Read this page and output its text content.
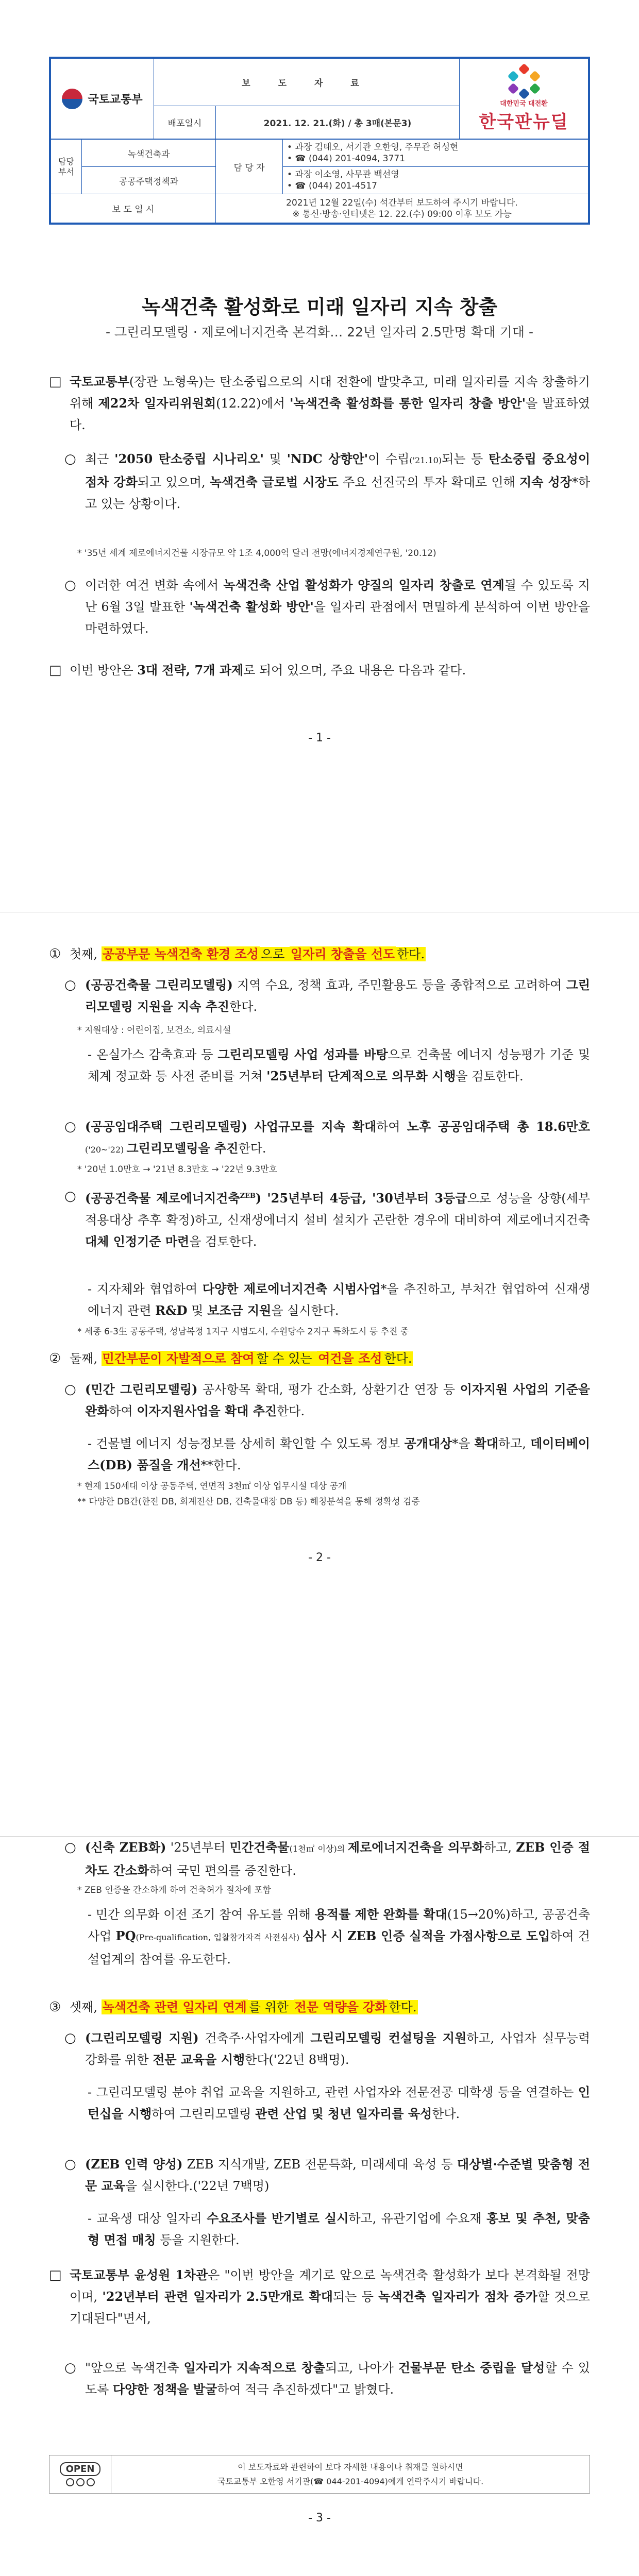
국토교통부	보 도 자 료		대한민국 대전환
한국판뉴딜

	배포일시	2021. 12. 21.(화) / 총 3매(본문3)	
담당 부서	녹색건축과	담 당 자	• 과장 김태오, 서기관 오한영, 주무관 허성현
• ☎ (044) 201-4094, 3771

	공공주택정책과		• 과장 이소영, 사무관 백선영
• ☎ (044) 201-4517

보 도 일 시		2021년 12월 22일(수) 석간부터 보도하여 주시기 바랍니다.
※ 통신·방송·인터넷은 12. 22.(수) 09:00 이후 보도 가능	
녹색건축 활성화로 미래 일자리 지속 창출
- 그린리모델링 · 제로에너지건축 본격화… 22년 일자리 2.5만명 확대 기대 -
□ 국토교통부(장관 노형욱)는 탄소중립으로의 시대 전환에 발맞추고, 미래 일자리를 지속 창출하기 위해 제22차 일자리위원회(12.22)에서 '녹색건축 활성화를 통한 일자리 창출 방안'을 발표하였다.
○ 최근 '2050 탄소중립 시나리오' 및 'NDC 상향안'이 수립('21.10)되는 등 탄소중립 중요성이 점차 강화되고 있으며, 녹색건축 글로벌 시장도 주요 선진국의 투자 확대로 인해 지속 성장*하고 있는 상황이다.
* '35년 세계 제로에너지건물 시장규모 약 1조 4,000억 달러 전망(에너지경제연구원, '20.12)
○ 이러한 여건 변화 속에서 녹색건축 산업 활성화가 양질의 일자리 창출로 연계될 수 있도록 지난 6월 3일 발표한 '녹색건축 활성화 방안'을 일자리 관점에서 면밀하게 분석하여 이번 방안을 마련하였다.
□ 이번 방안은 3대 전략, 7개 과제로 되어 있으며, 주요 내용은 다음과 같다.
- 1 -
① 첫째, 공공부문 녹색건축 환경 조성 으로 일자리 창출을 선도 한다.
○ (공공건축물 그린리모델링) 지역 수요, 정책 효과, 주민활용도 등을 종합적으로 고려하여 그린리모델링 지원을 지속 추진한다.
* 지원대상 : 어린이집, 보건소, 의료시설
- 온실가스 감축효과 등 그린리모델링 사업 성과를 바탕으로 건축물 에너지 성능평가 기준 및 체계 정교화 등 사전 준비를 거쳐 '25년부터 단계적으로 의무화 시행을 검토한다.
○ (공공임대주택 그린리모델링) 사업규모를 지속 확대하여 노후 공공임대주택 총 18.6만호('20~'22) 그린리모델링을 추진한다.
* '20년 1.0만호 → '21년 8.3만호 → '22년 9.3만호
○ (공공건축물 제로에너지건축$^{ZEB}$) '25년부터 4등급, '30년부터 3등급으로 성능을 상향(세부 적용대상 추후 확정)하고, 신재생에너지 설비 설치가 곤란한 경우에 대비하여 제로에너지건축 대체 인정기준 마련을 검토한다.
- 지자체와 협업하여 다양한 제로에너지건축 시범사업*을 추진하고, 부처간 협업하여 신재생에너지 관련 R&D 및 보조금 지원을 실시한다.
* 세종 6-3生 공동주택, 성남복정 1지구 시범도시, 수원당수 2지구 특화도시 등 추진 중
② 둘째, 민간부문이 자발적으로 참여 할 수 있는 여건을 조성 한다.
○ (민간 그린리모델링) 공사항목 확대, 평가 간소화, 상환기간 연장 등 이자지원 사업의 기준을 완화하여 이자지원사업을 확대 추진한다.
- 건물별 에너지 성능정보를 상세히 확인할 수 있도록 정보 공개대상*을 확대하고, 데이터베이스(DB) 품질을 개선**한다.
* 현재 150세대 이상 공동주택, 연면적 3천㎡ 이상 업무시설 대상 공개
** 다양한 DB간(한전 DB, 회계전산 DB, 건축물대장 DB 등) 해칭분석을 통해 정확성 검증
- 2 -
○ (신축 ZEB화) '25년부터 민간건축물(1천㎡ 이상)의 제로에너지건축을 의무화하고, ZEB 인증 절차도 간소화하여 국민 편의를 증진한다.
* ZEB 인증을 간소하게 하여 건축허가 절차에 포함
- 민간 의무화 이전 조기 참여 유도를 위해 용적률 제한 완화를 확대(15→20%)하고, 공공건축사업 PQ(Pre-qualification, 입찰참가자격 사전심사) 심사 시 ZEB 인증 실적을 가점사항으로 도입하여 건설업계의 참여를 유도한다.
③ 셋째, 녹색건축 관련 일자리 연계 를 위한 전문 역량을 강화 한다.
○ (그린리모델링 지원) 건축주·사업자에게 그린리모델링 컨설팅을 지원하고, 사업자 실무능력 강화를 위한 전문 교육을 시행한다('22년 8백명).
- 그린리모델링 분야 취업 교육을 지원하고, 관련 사업자와 전문전공 대학생 등을 연결하는 인턴십을 시행하여 그린리모델링 관련 산업 및 청년 일자리를 육성한다.
○ (ZEB 인력 양성) ZEB 지식개발, ZEB 전문특화, 미래세대 육성 등 대상별·수준별 맞춤형 전문 교육을 실시한다.('22년 7백명)
- 교육생 대상 일자리 수요조사를 반기별로 실시하고, 유관기업에 수요재 홍보 및 추천, 맞춤형 면접 매칭 등을 지원한다.
□ 국토교통부 윤성원 1차관은 "이번 방안을 계기로 앞으로 녹색건축 활성화가 보다 본격화될 전망이며, '22년부터 관련 일자리가 2.5만개로 확대되는 등 녹색건축 일자리가 점차 증가할 것으로 기대된다"면서,
○ "앞으로 녹색건축 일자리가 지속적으로 창출되고, 나아가 건물부문 탄소 중립을 달성할 수 있도록 다양한 정책을 발굴하여 적극 추진하겠다"고 밝혔다.
OPEN	이 보도자료와 관련하여 보다 자세한 내용이나 취재를 원하시면
국토교통부 오한영 서기관(☎ 044-201-4094)에게 연락주시기 바랍니다.
- 3 -
